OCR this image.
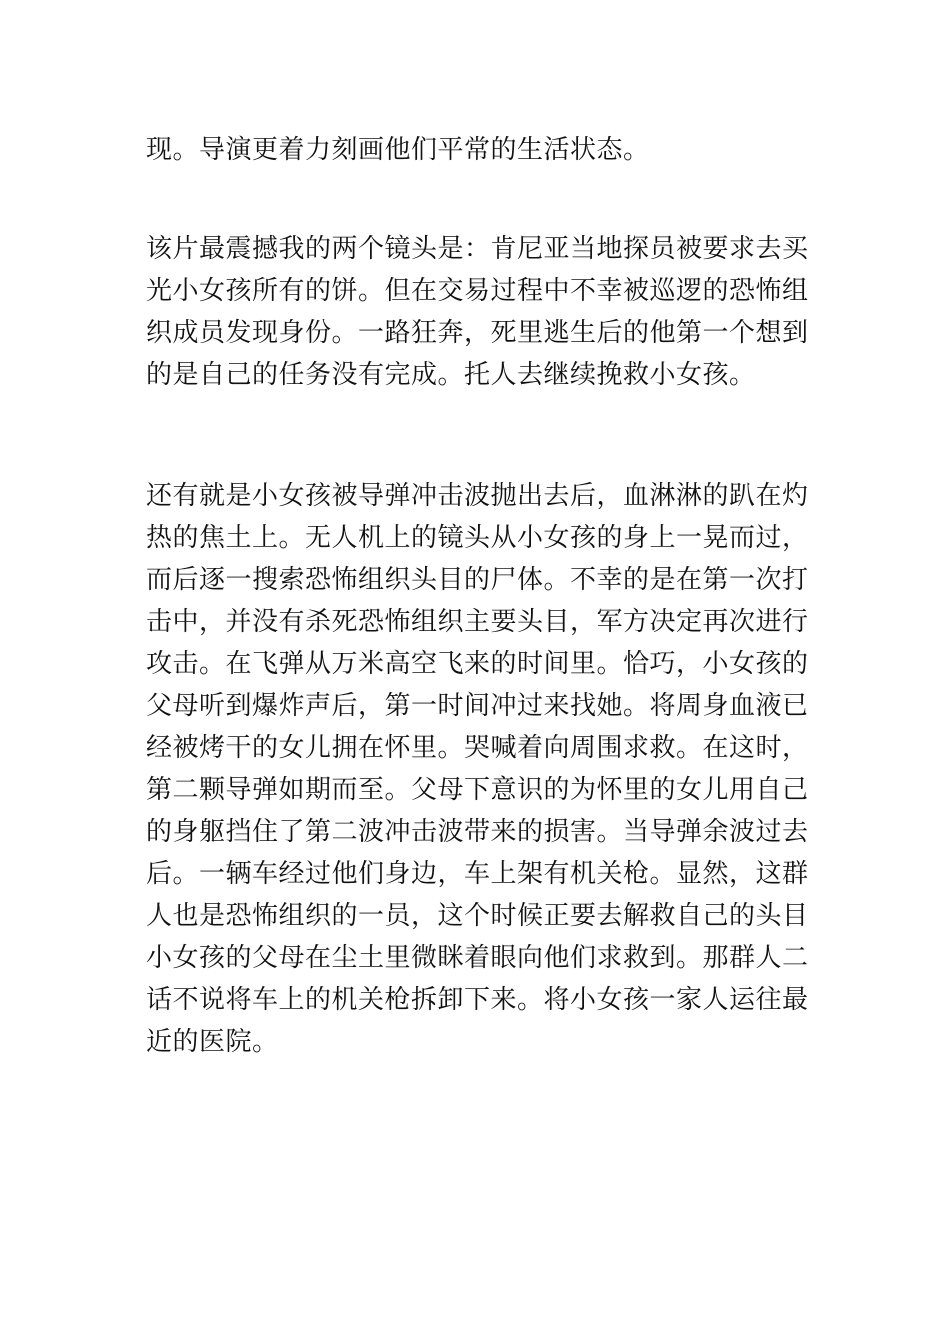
现。导演更着力刻画他们平常的生活状态。

该片最震撼我的两个镜头是：肯尼亚当地探员被要求去买
光小女孩所有的饼。但在交易过程中不幸被巡逻的恐怖组
织成员发现身份。一路狂奔，死里逃生后的他第一个想到
的是自己的任务没有完成。托人去继续挽救小女孩。

还有就是小女孩被导弹冲击波抛出去后，血淋淋的趴在灼
热的焦土上。无人机上的镜头从小女孩的身上一晃而过，
而后逐一搜索恐怖组织头目的尸体。不幸的是在第一次打
击中，并没有杀死恐怖组织主要头目，军方决定再次进行
攻击。在飞弹从万米高空飞来的时间里。恰巧，小女孩的
父母听到爆炸声后，第一时间冲过来找她。将周身血液已
经被烤干的女儿拥在怀里。哭喊着向周围求救。在这时，
第二颗导弹如期而至。父母下意识的为怀里的女儿用自己
的身躯挡住了第二波冲击波带来的损害。当导弹余波过去
后。一辆车经过他们身边，车上架有机关枪。显然，这群
人也是恐怖组织的一员，这个时候正要去解救自己的头目
小女孩的父母在尘土里微眯着眼向他们求救到。那群人二
话不说将车上的机关枪拆卸下来。将小女孩一家人运往最
近的医院。
